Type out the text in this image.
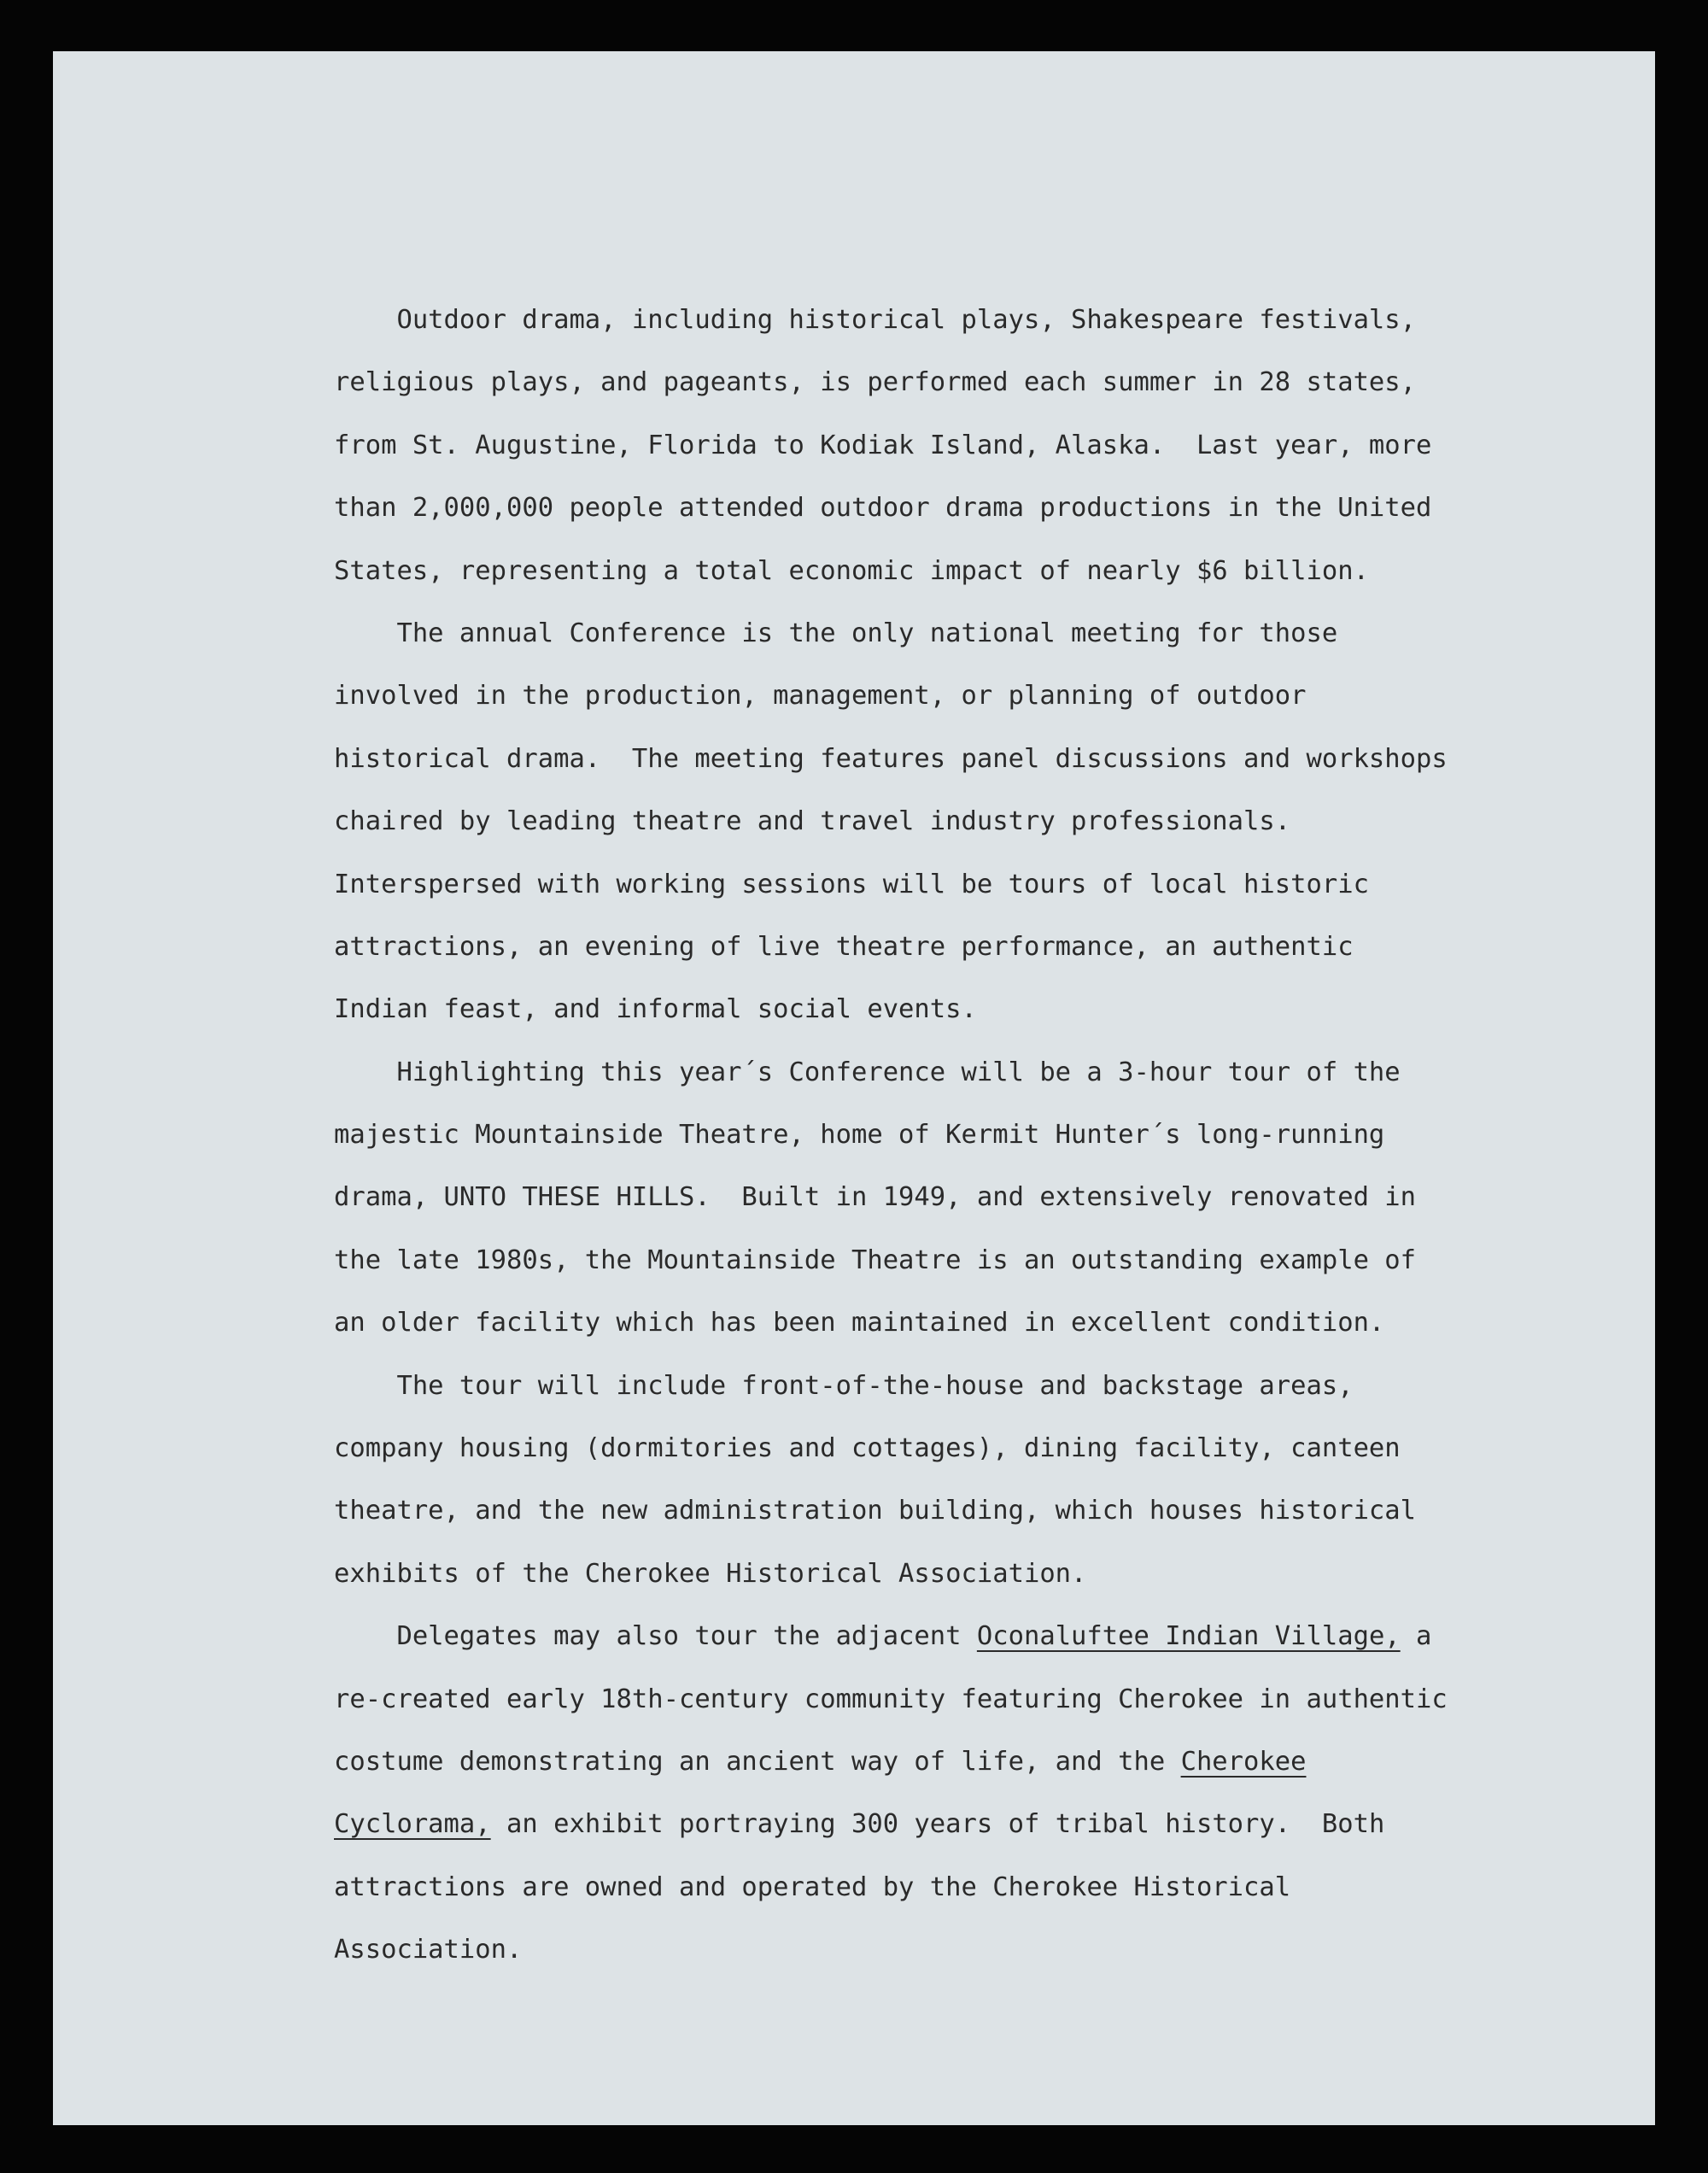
Outdoor drama, including historical plays, Shakespeare festivals,
religious plays, and pageants, is performed each summer in 28 states,
from St. Augustine, Florida to Kodiak Island, Alaska.  Last year, more
than 2,000,000 people attended outdoor drama productions in the United
States, representing a total economic impact of nearly $6 billion.
The annual Conference is the only national meeting for those
involved in the production, management, or planning of outdoor
historical drama.  The meeting features panel discussions and workshops
chaired by leading theatre and travel industry professionals.
Interspersed with working sessions will be tours of local historic
attractions, an evening of live theatre performance, an authentic
Indian feast, and informal social events.
Highlighting this year´s Conference will be a 3-hour tour of the
majestic Mountainside Theatre, home of Kermit Hunter´s long-running
drama, UNTO THESE HILLS.  Built in 1949, and extensively renovated in
the late 1980s, the Mountainside Theatre is an outstanding example of
an older facility which has been maintained in excellent condition.
The tour will include front-of-the-house and backstage areas,
company housing (dormitories and cottages), dining facility, canteen
theatre, and the new administration building, which houses historical
exhibits of the Cherokee Historical Association.
Delegates may also tour the adjacent Oconaluftee Indian Village, a
re-created early 18th-century community featuring Cherokee in authentic
costume demonstrating an ancient way of life, and the Cherokee
Cyclorama, an exhibit portraying 300 years of tribal history.  Both
attractions are owned and operated by the Cherokee Historical
Association.
